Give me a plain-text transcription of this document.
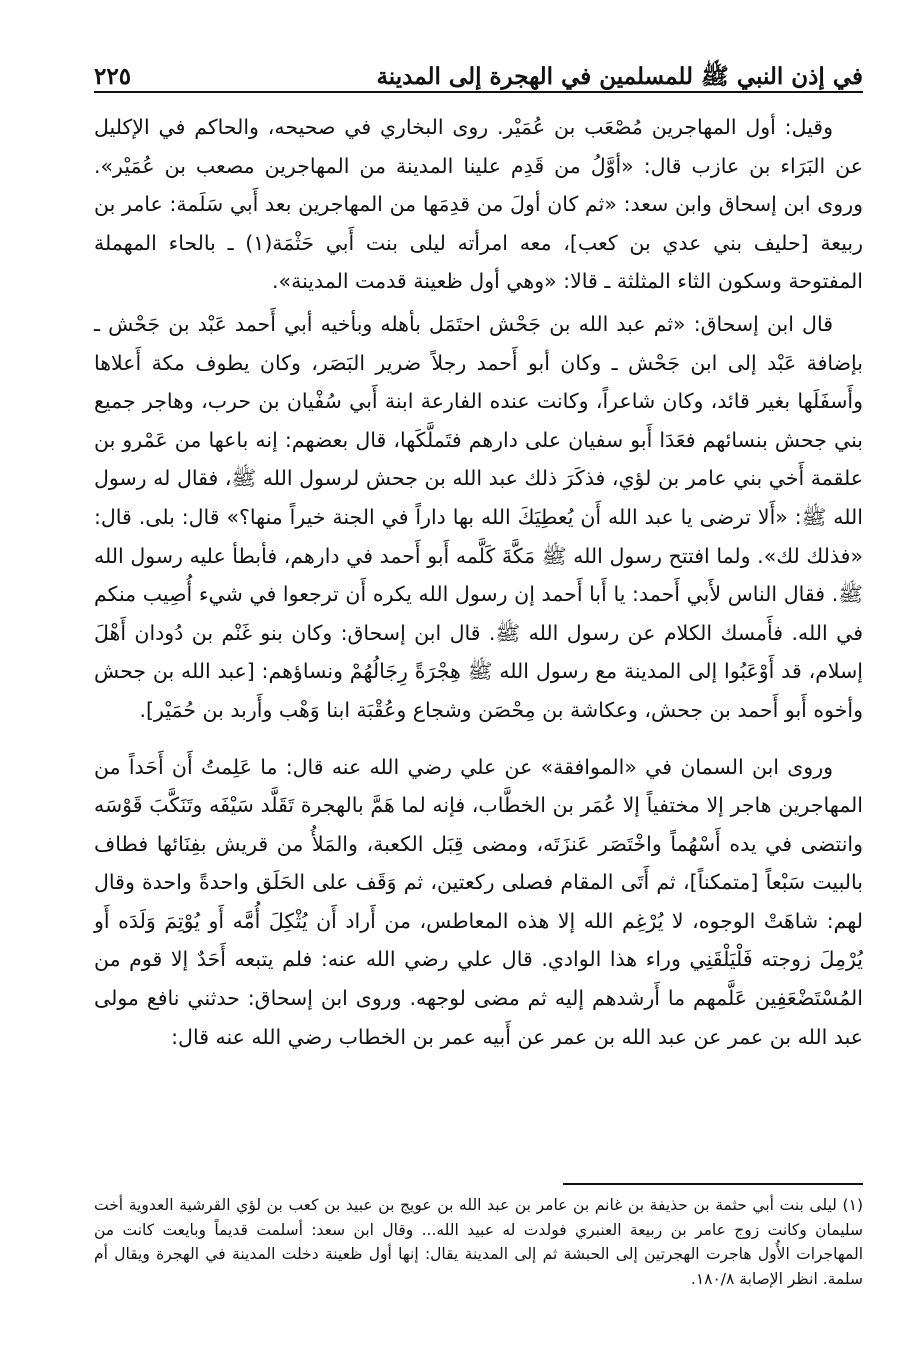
في إذن النبي ﷺ للمسلمين في الهجرة إلى المدينة
٢٢٥

وقيل: أول المهاجرين مُصْعَب بن عُمَيْر. روى البخاري في صحيحه، والحاكم في الإكليل عن البَرَاء بن عازب قال: «أوَّلُ من قَدِم علينا المدينة من المهاجرين مصعب بن عُمَيْر». وروى ابن إسحاق وابن سعد: «ثم كان أولَ من قدِمَها من المهاجرين بعد أَبي سَلَمة: عامر بن ربيعة [حليف بني عدي بن كعب]، معه امرأته ليلى بنت أَبي حَثْمَة(١) ـ بالحاء المهملة المفتوحة وسكون الثاء المثلثة ـ قالا: «وهي أول ظعينة قدمت المدينة».

قال ابن إسحاق: «ثم عبد الله بن جَحْش احتَمَل بأهله وبأخيه أبي أَحمد عَبْد بن جَحْش ـ بإضافة عَبْد إلى ابن جَحْش ـ وكان أبو أَحمد رجلاً ضرير البَصَر، وكان يطوف مكة أَعلاها وأَسفَلَها بغير قائد، وكان شاعراً، وكانت عنده الفارعة ابنة أَبي سُفْيان بن حرب، وهاجر جميع بني جحش بنسائهم فعَدَا أَبو سفيان على دارهم فتَملَّكَها، قال بعضهم: إنه باعها من عَمْرو بن علقمة أَخي بني عامر بن لؤي، فذكَرَ ذلك عبد الله بن جحش لرسول الله ﷺ، فقال له رسول الله ﷺ: «أَلا ترضى يا عبد الله أَن يُعطِيَكَ الله بها داراً في الجنة خيراً منها؟» قال: بلى. قال: «فذلك لك». ولما افتتح رسول الله ﷺ مَكَّةَ كَلَّمه أَبو أَحمد في دارهم، فأبطأ عليه رسول الله ﷺ. فقال الناس لأَبي أَحمد: يا أَبا أَحمد إن رسول الله يكره أَن ترجعوا في شيء أُصِيب منكم في الله. فأَمسك الكلام عن رسول الله ﷺ. قال ابن إسحاق: وكان بنو غَنْم بن دُودان أَهْلَ إسلام، قد أَوْعَبُوا إلى المدينة مع رسول الله ﷺ هِجْرَةً رِجَالُهُمْ ونساؤهم: [عبد الله بن جحش وأخوه أَبو أَحمد بن جحش، وعكاشة بن مِحْصَن وشجاع وعُقْبَة ابنا وَهْب وأَربد بن حُمَيْر].

وروى ابن السمان في «الموافقة» عن علي رضي الله عنه قال: ما عَلِمتُ أَن أَحَداً من المهاجرين هاجر إلا مختفياً إلا عُمَر بن الخطَّاب، فإنه لما هَمَّ بالهجرة تَقَلَّد سَيْفَه وتَنَكَّبَ قَوْسَه وانتضى في يده أَسْهُماً واخْتَصَر عَنزَتَه، ومضى قِبَل الكعبة، والمَلأُ من قريش بفِنَائها فطاف بالبيت سَبْعاً [متمكناً]، ثم أَتَى المقام فصلى ركعتين، ثم وَقَف على الحَلَق واحدةً واحدة وقال لهم: شاهَتْ الوجوه، لا يُرْغِم الله إلا هذه المعاطس، من أَراد أَن يُثْكِلَ أُمَّه أَو يُوْتِمَ وَلَدَه أَو يُرْمِلَ زوجته فَلْيَلْقَنِي وراء هذا الوادي. قال علي رضي الله عنه: فلم يتبعه أَحَدٌ إلا قوم من المُسْتَضْعَفِين عَلَّمهم ما أَرشدهم إليه ثم مضى لوجهه. وروى ابن إسحاق: حدثني نافع مولى عبد الله بن عمر عن عبد الله بن عمر عن أَبيه عمر بن الخطاب رضي الله عنه قال:

(١) ليلى بنت أبي حثمة بن حذيفة بن غانم بن عامر بن عبد الله بن عويج بن عبيد بن كعب بن لؤي القرشية العدوية أخت سليمان وكانت زوج عامر بن ربيعة العنبري فولدت له عبيد الله... وقال ابن سعد: أسلمت قديماً وبايعت كانت من المهاجرات الأُول هاجرت الهجرتين إلى الحبشة ثم إلى المدينة يقال: إنها أول ظعينة دخلت المدينة في الهجرة ويقال أم سلمة. انظر الإصابة ١٨٠/٨.
